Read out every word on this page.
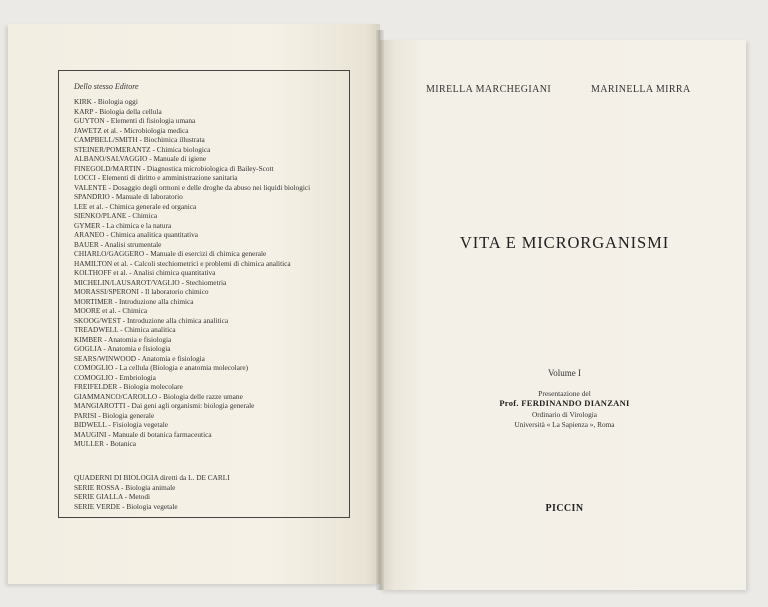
Dello stesso Editore
KIRK - Biologia oggi
KARP - Biologia della cellula
GUYTON - Elementi di fisiologia umana
JAWETZ et al. - Microbiologia medica
CAMPBELL/SMITH - Biochimica illustrata
STEINER/POMERANTZ - Chimica biologica
ALBANO/SALVAGGIO - Manuale di igiene
FINEGOLD/MARTIN - Diagnostica microbiologica di Bailey-Scott
LOCCI - Elementi di diritto e amministrazione sanitaria
VALENTE - Dosaggio degli ormoni e delle droghe da abuso nei liquidi biologici
SPANDRIO - Manuale di laboratorio
LEE et al. - Chimica generale ed organica
SIENKO/PLANE - Chimica
GYMER - La chimica e la natura
ARANEO - Chimica analitica quantitativa
BAUER - Analisi strumentale
CHIARLO/GAGGERO - Manuale di esercizi di chimica generale
HAMILTON et al. - Calcoli stechiometrici e problemi di chimica analitica
KOLTHOFF et al. - Analisi chimica quantitativa
MICHELIN/LAUSAROT/VAGLIO - Stechiometria
MORASSI/SPERONI - Il laboratorio chimico
MORTIMER - Introduzione alla chimica
MOORE et al. - Chimica
SKOOG/WEST - Introduzione alla chimica analitica
TREADWELL - Chimica analitica
KIMBER - Anatomia e fisiologia
GOGLIA - Anatomia e fisiologia
SEARS/WINWOOD - Anatomia e fisiologia
COMOGLIO - La cellula (Biologia e anatomia molecolare)
COMOGLIO - Embriologia
FREIFELDER - Biologia molecolare
GIAMMANCO/CAROLLO - Biologia delle razze umane
MANGIAROTTI - Dai geni agli organismi: biologia generale
PARISI - Biologia generale
BIDWELL - Fisiologia vegetale
MAUGINI - Manuale di botanica farmaceutica
MULLER - Botanica
QUADERNI DI BIOLOGIA diretti da L. DE CARLI
SERIE ROSSA - Biologia animale
SERIE GIALLA - Metodi
SERIE VERDE - Biologia vegetale
MIRELLA MARCHEGIANI	MARINELLA MIRRA
VITA E MICRORGANISMI
Volume I
Presentazione del
Prof. FERDINANDO DIANZANI
Ordinario di Virologia
Università « La Sapienza », Roma
PICCIN
